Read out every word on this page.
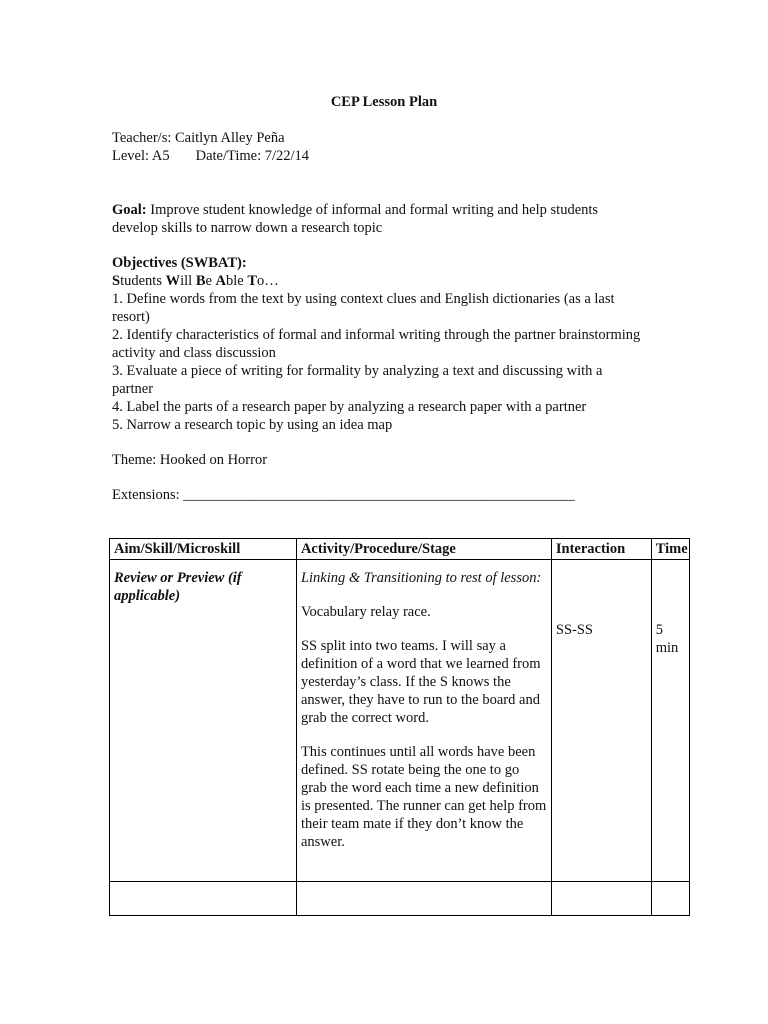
CEP Lesson Plan
Teacher/s: Caitlyn Alley Peña
Level: A5 Date/Time: 7/22/14
Goal: Improve student knowledge of informal and formal writing and help students develop skills to narrow down a research topic
Objectives (SWBAT):
Students Will Be Able To…
1. Define words from the text by using context clues and English dictionaries (as a last resort)
2. Identify characteristics of formal and informal writing through the partner brainstorming activity and class discussion
3. Evaluate a piece of writing for formality by analyzing a text and discussing with a partner
4. Label the parts of a research paper by analyzing a research paper with a partner
5. Narrow a research topic by using an idea map
Theme: Hooked on Horror
Extensions: ______________________________________________________
Aim/Skill/Microskill	Activity/Procedure/Stage	Interaction	Time

Review or Preview (if applicable)	Linking & Transitioning to rest of lesson:

Vocabulary relay race.

SS split into two teams. I will say a definition of a word that we learned from yesterday’s class. If the S knows the answer, they have to run to the board and grab the correct word.

This continues until all words have been defined. SS rotate being the one to go grab the word each time a new definition is presented. The runner can get help from their team mate if they don’t know the answer.	SS-SS	5 min
